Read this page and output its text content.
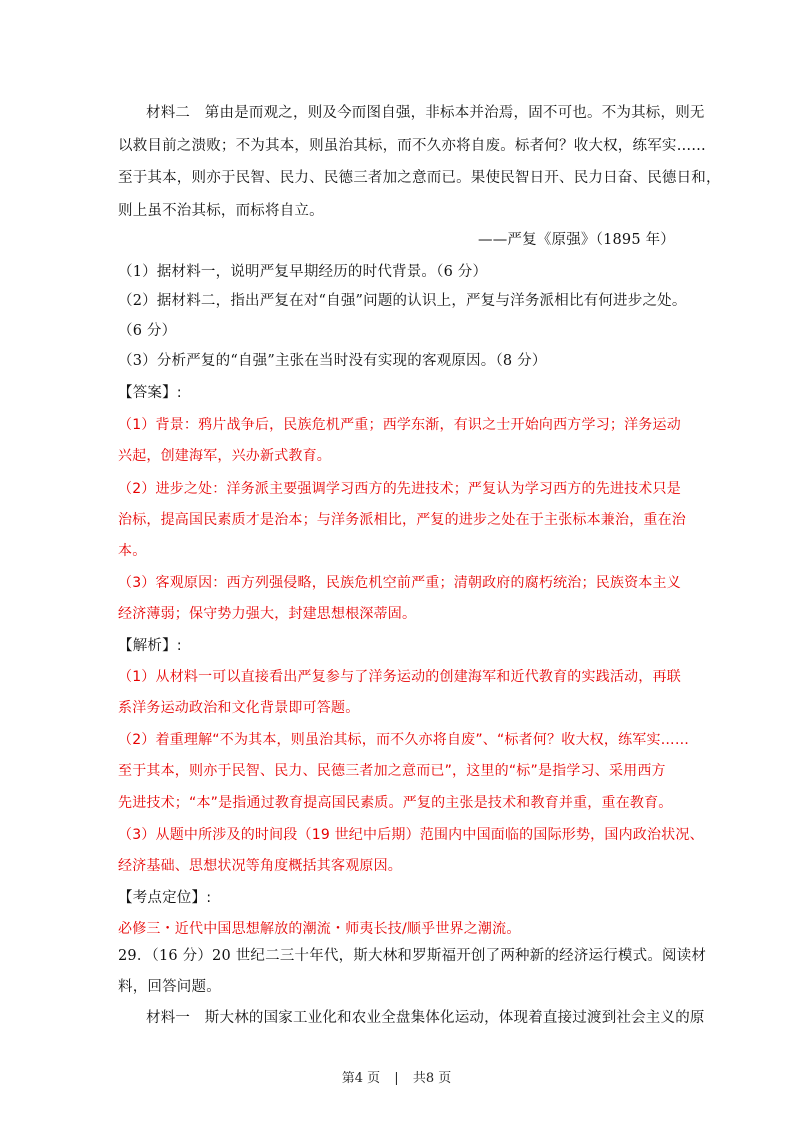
材料二　第由是而观之，则及今而图自强，非标本并治焉，固不可也。不为其标，则无
以救目前之溃败；不为其本，则虽治其标，而不久亦将自废。标者何？收大权，练军实……
至于其本，则亦于民智、民力、民德三者加之意而已。果使民智日开、民力日奋、民德日和，
则上虽不治其标，而标将自立。
——严复《原强》（1895 年）
（1）据材料一，说明严复早期经历的时代背景。（6 分）
（2）据材料二，指出严复在对“自强”问题的认识上，严复与洋务派相比有何进步之处。
（6 分）
（3）分析严复的“自强”主张在当时没有实现的客观原因。（8 分）
【答案】:
（1）背景：鸦片战争后，民族危机严重；西学东渐，有识之士开始向西方学习；洋务运动
兴起，创建海军，兴办新式教育。
（2）进步之处：洋务派主要强调学习西方的先进技术；严复认为学习西方的先进技术只是
治标，提高国民素质才是治本；与洋务派相比，严复的进步之处在于主张标本兼治，重在治
本。
（3）客观原因：西方列强侵略，民族危机空前严重；清朝政府的腐朽统治；民族资本主义
经济薄弱；保守势力强大，封建思想根深蒂固。
【解析】:
（1）从材料一可以直接看出严复参与了洋务运动的创建海军和近代教育的实践活动，再联
系洋务运动政治和文化背景即可答题。
（2）着重理解“不为其本，则虽治其标，而不久亦将自废”、“标者何？收大权，练军实……
至于其本，则亦于民智、民力、民德三者加之意而已”，这里的“标”是指学习、采用西方
先进技术；“本”是指通过教育提高国民素质。严复的主张是技术和教育并重，重在教育。
（3）从题中所涉及的时间段（19 世纪中后期）范围内中国面临的国际形势，国内政治状况、
经济基础、思想状况等角度概括其客观原因。
【考点定位】:
必修三・近代中国思想解放的潮流・师夷长技/顺乎世界之潮流。
29．（16 分）20 世纪二三十年代，斯大林和罗斯福开创了两种新的经济运行模式。阅读材
料，回答问题。
材料一　斯大林的国家工业化和农业全盘集体化运动，体现着直接过渡到社会主义的原
第4 页 | 共8 页
